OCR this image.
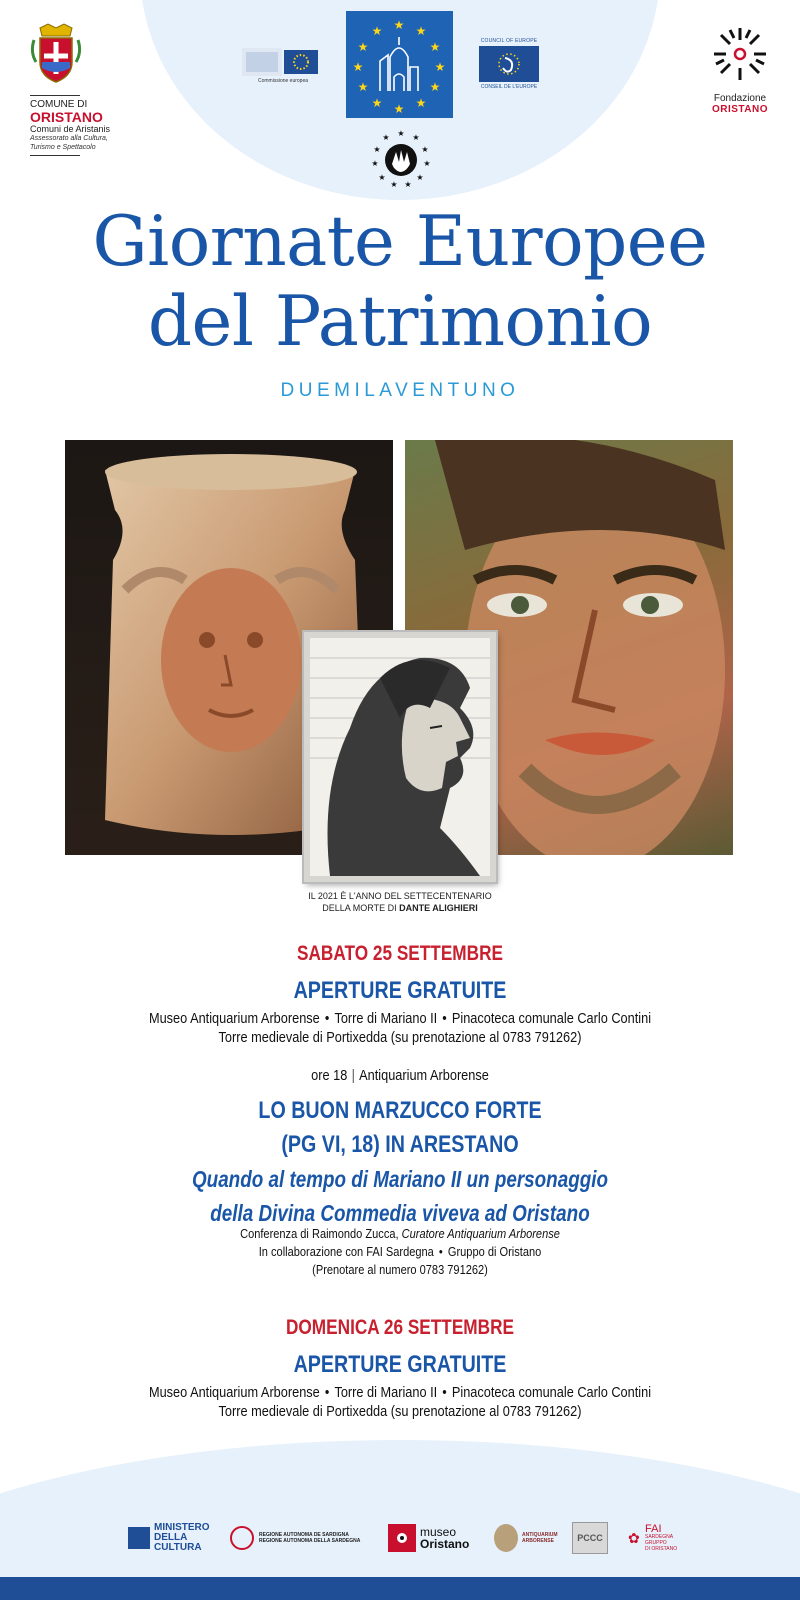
COMUNE DI
ORISTANO
Comuni de Aristanis
Assessorato alla Cultura,
Turismo e Spettacolo
Commissione europea
★ ★
★
★
★
★
★
★
★
★
★
★
COUNCIL OF EUROPE
CONSEIL DE L'EUROPE
★ ★
★
★
★
★
★
★
★
★
★
Fondazione
ORISTANO
Giornate Europee
del Patrimonio
DUEMILAVENTUNO
IL 2021 È L'ANNO DEL SETTECENTENARIO
DELLA MORTE DI DANTE ALIGHIERI
SABATO 25 SETTEMBRE
APERTURE GRATUITE
Museo Antiquarium Arborense • Torre di Mariano II • Pinacoteca comunale Carlo Contini
Torre medievale di Portixedda (su prenotazione al 0783 791262)
ore 18 | Antiquarium Arborense
LO BUON MARZUCCO FORTE
(PG VI, 18) IN ARESTANO
Quando al tempo di Mariano II un personaggio
della Divina Commedia viveva ad Oristano
Conferenza di Raimondo Zucca, Curatore Antiquarium Arborense
In collaborazione con FAI Sardegna • Gruppo di Oristano
(Prenotare al numero 0783 791262)
DOMENICA 26 SETTEMBRE
APERTURE GRATUITE
Museo Antiquarium Arborense • Torre di Mariano II • Pinacoteca comunale Carlo Contini
Torre medievale di Portixedda (su prenotazione al 0783 791262)
MINISTERO
DELLA
CULTURA
REGIONE AUTONOMA DE SARDIGNA
REGIONE AUTONOMA DELLA SARDEGNA
museo
Oristano
ANTIQUARIUM
ARBORENSE	PCCC	✿
FAI
SARDEGNA
GRUPPO
DI ORISTANO
